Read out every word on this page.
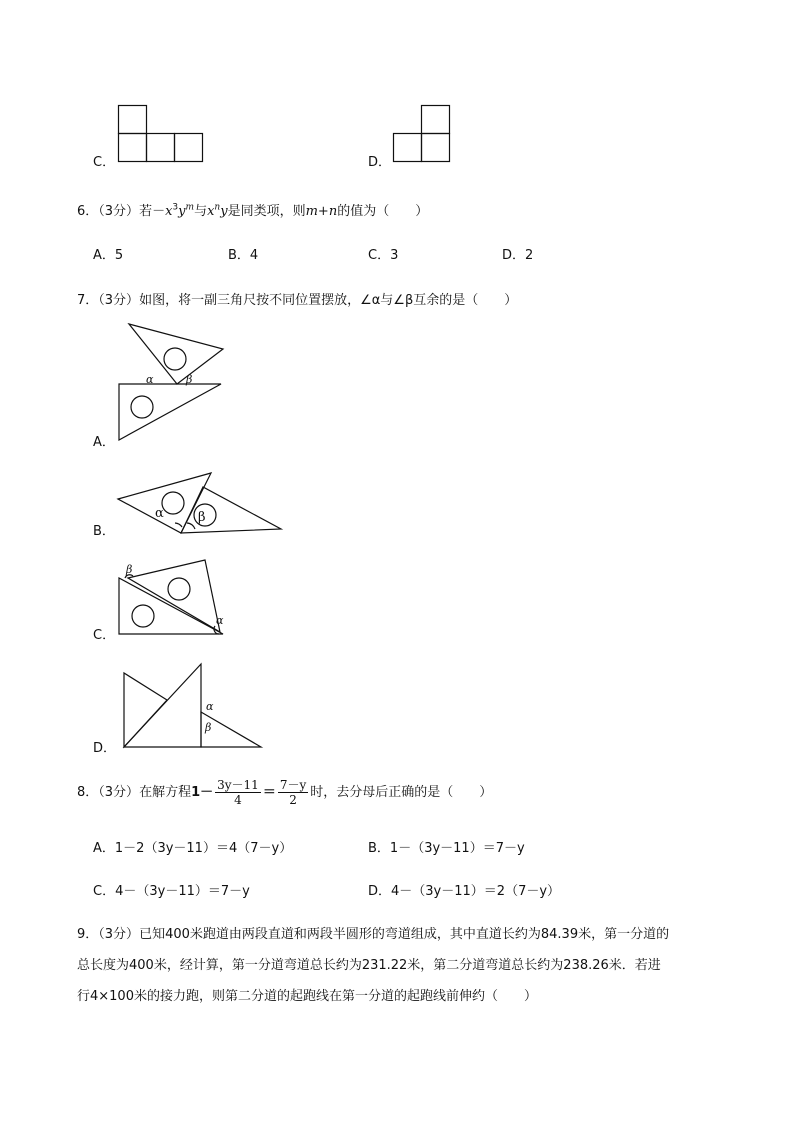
C．	D．
6．（3分）若$-x^3y^m$与$x^ny$是同类项，则m+n的值为（　　）
A．5	B．4	C．3	D．2
7．（3分）如图，将一副三角尺按不同位置摆放，∠α与∠β互余的是（　　）
A．
α	β
B．
α	β
C．
β
α
D．
α
β
8．（3分）在解方程$1- \frac{3y-11}{4} = \frac{7-y}{2}$ 时，去分母后正确的是（　　）
A．1－2（3y－11）＝4（7－y）	B．1－（3y－11）＝7－y
C．4－（3y－11）＝7－y	D．4－（3y－11）＝2（7－y）
9．（3分）已知400米跑道由两段直道和两段半圆形的弯道组成，其中直道长约为84.39米，第一分道的
总长度为400米，经计算，第一分道弯道总长约为231.22米，第二分道弯道总长约为238.26米．若进
行4×100米的接力跑，则第二分道的起跑线在第一分道的起跑线前伸约（　　）
